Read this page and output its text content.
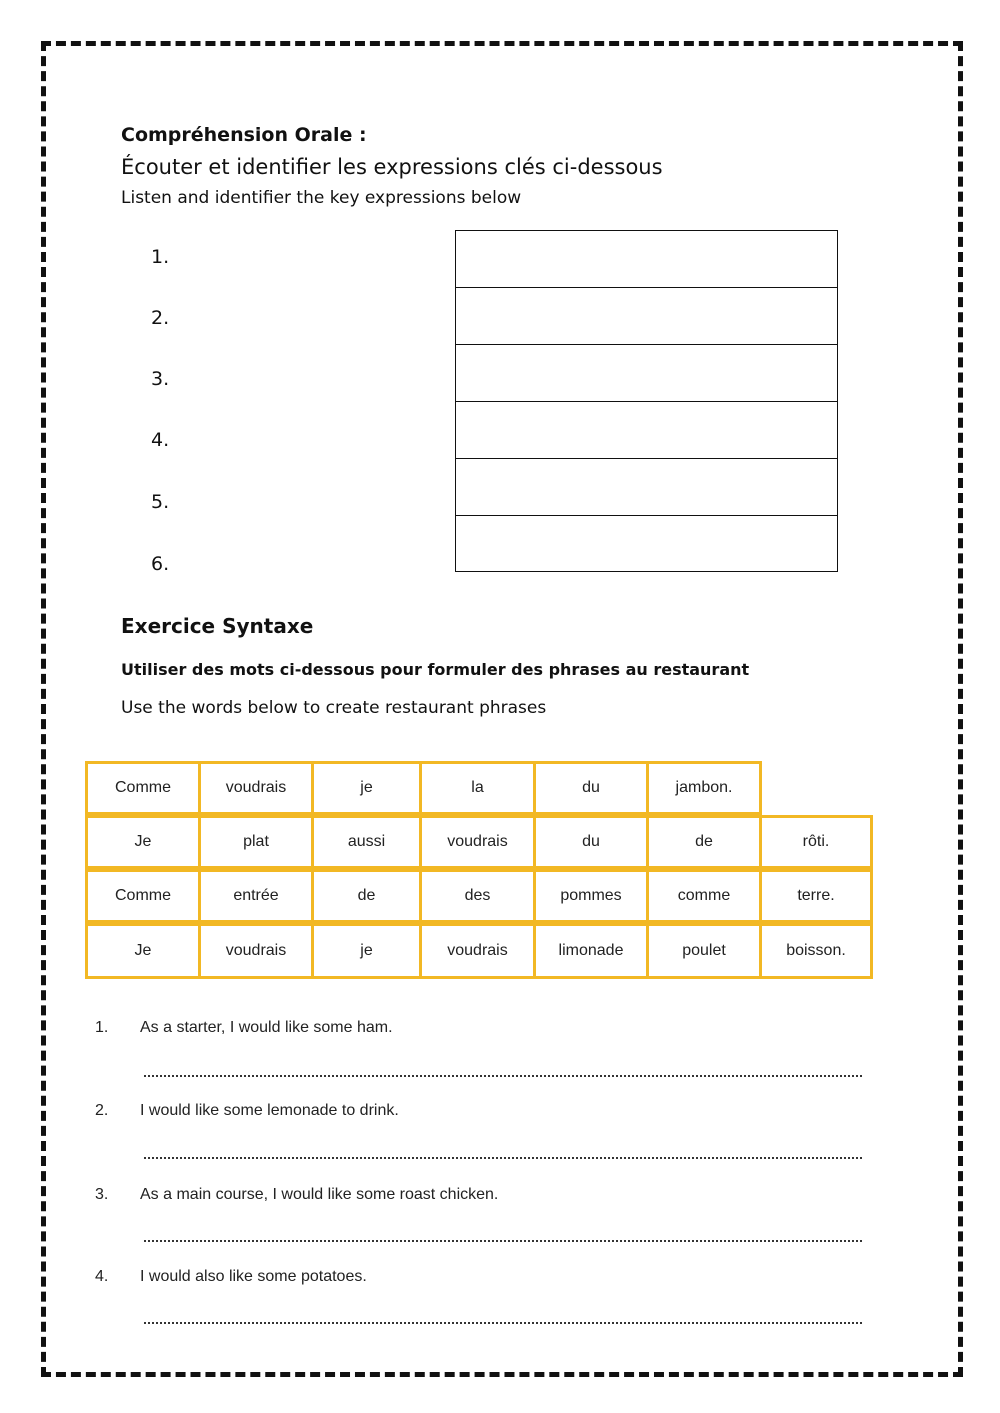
Compréhension Orale :
Écouter et identifier les expressions clés ci-dessous
Listen and identifier the key expressions below
1.
2.
3.
4.
5.
6.
Exercice Syntaxe
Utiliser des mots ci-dessous pour formuler des phrases au restaurant
Use the words below to create restaurant phrases
Comme	voudrais	je	la	du	jambon.
Je	plat	aussi	voudrais	du	de	rôti.
Comme	entrée	de	des	pommes	comme	terre.
Je	voudrais	je	voudrais	limonade	poulet	boisson.
1. As a starter, I would like some ham.
2. I would like some lemonade to drink.
3. As a main course, I would like some roast chicken.
4. I would also like some potatoes.
